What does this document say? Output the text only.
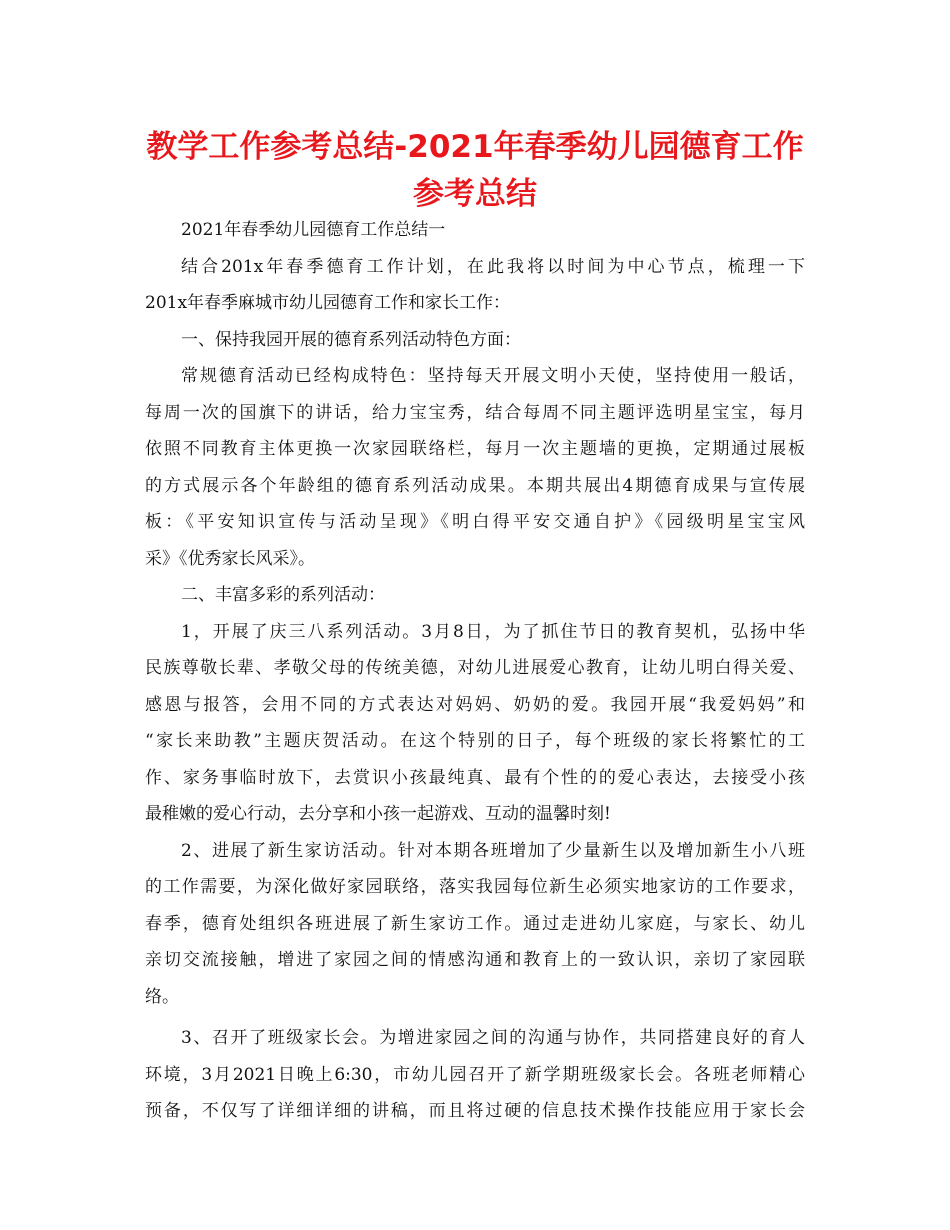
教学工作参考总结-2021年春季幼儿园德育工作
参考总结
2021年春季幼儿园德育工作总结一
结合201x年春季德育工作计划，在此我将以时间为中心节点，梳理一下
201x年春季麻城市幼儿园德育工作和家长工作：
一、保持我园开展的德育系列活动特色方面：
常规德育活动已经构成特色：坚持每天开展文明小天使，坚持使用一般话，
每周一次的国旗下的讲话，给力宝宝秀，结合每周不同主题评选明星宝宝，每月
依照不同教育主体更换一次家园联络栏，每月一次主题墙的更换，定期通过展板
的方式展示各个年龄组的德育系列活动成果。本期共展出4期德育成果与宣传展
板：《平安知识宣传与活动呈现》《明白得平安交通自护》《园级明星宝宝风
采》《优秀家长风采》。
二、丰富多彩的系列活动：
1，开展了庆三八系列活动。3月8日，为了抓住节日的教育契机，弘扬中华
民族尊敬长辈、孝敬父母的传统美德，对幼儿进展爱心教育，让幼儿明白得关爱、
感恩与报答，会用不同的方式表达对妈妈、奶奶的爱。我园开展“我爱妈妈”和
“家长来助教”主题庆贺活动。在这个特别的日子，每个班级的家长将繁忙的工
作、家务事临时放下，去赏识小孩最纯真、最有个性的的爱心表达，去接受小孩
最稚嫩的爱心行动，去分享和小孩一起游戏、互动的温馨时刻!
2、进展了新生家访活动。针对本期各班增加了少量新生以及增加新生小八班
的工作需要，为深化做好家园联络，落实我园每位新生必须实地家访的工作要求，
春季，德育处组织各班进展了新生家访工作。通过走进幼儿家庭，与家长、幼儿
亲切交流接触，增进了家园之间的情感沟通和教育上的一致认识，亲切了家园联
络。
3、召开了班级家长会。为增进家园之间的沟通与协作，共同搭建良好的育人
环境，3月2021日晚上6:30，市幼儿园召开了新学期班级家长会。各班老师精心
预备，不仅写了详细详细的讲稿，而且将过硬的信息技术操作技能应用于家长会
